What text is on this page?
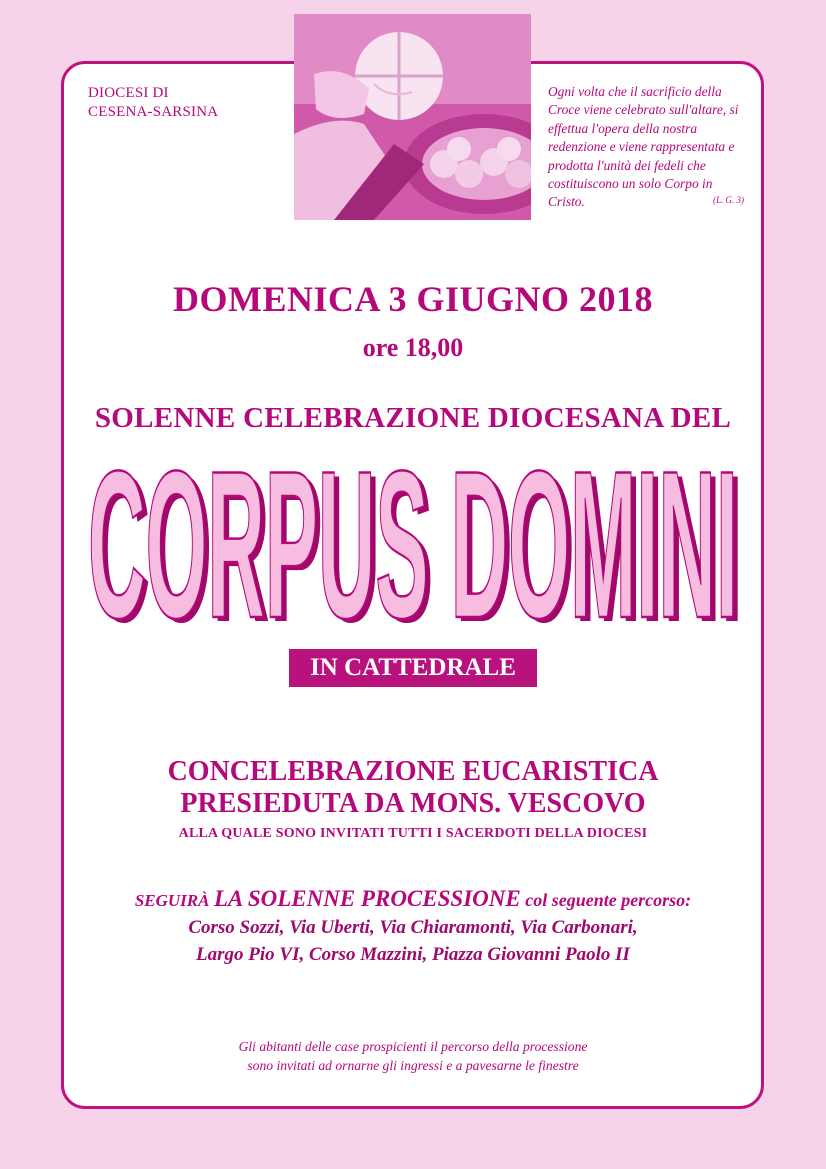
DIOCESI DI
CESENA-SARSINA
Ogni volta che il sacrificio della Croce viene celebrato sull'altare, si effettua l'opera della nostra redenzione e viene rappresentata e prodotta l'unità dei fedeli che costituiscono un solo Corpo in Cristo.	(L. G. 3)
DOMENICA 3 GIUGNO 2018
ore 18,00
SOLENNE CELEBRAZIONE DIOCESANA DEL
CORPUS DOMINI
CORPUS DOMINI
IN CATTEDRALE
CONCELEBRAZIONE EUCARISTICA
PRESIEDUTA DA MONS. VESCOVO
ALLA QUALE SONO INVITATI TUTTI I SACERDOTI DELLA DIOCESI
SEGUIRÀ LA SOLENNE PROCESSIONE col seguente percorso:
Corso Sozzi, Via Uberti, Via Chiaramonti, Via Carbonari,
Largo Pio VI, Corso Mazzini, Piazza Giovanni Paolo II
Gli abitanti delle case prospicienti il percorso della processione
sono invitati ad ornarne gli ingressi e a pavesarne le finestre
